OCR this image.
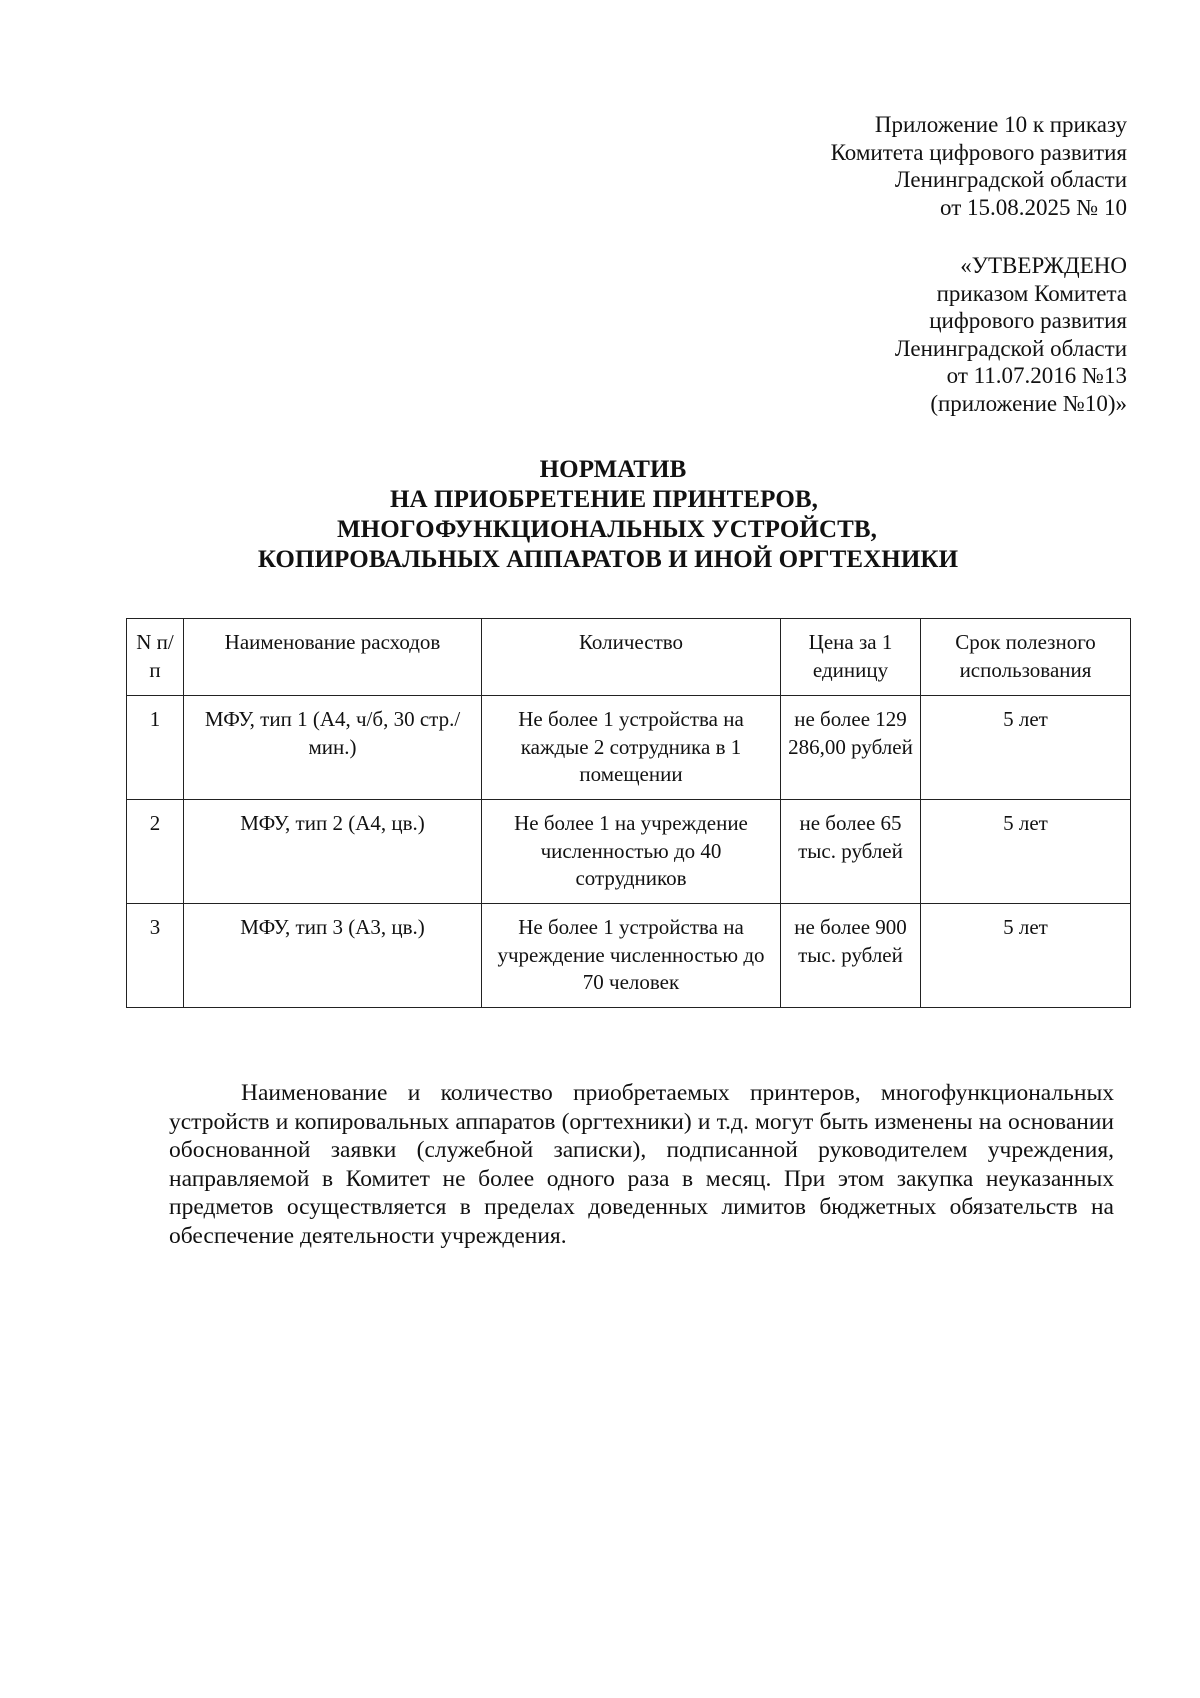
Приложение 10 к приказу
Комитета цифрового развития
Ленинградской области
от 15.08.2025 № 10
«УТВЕРЖДЕНО
приказом Комитета
цифрового развития
Ленинградской области
от 11.07.2016 №13
(приложение №10)»
НОРМАТИВ
НА ПРИОБРЕТЕНИЕ ПРИНТЕРОВ,
МНОГОФУНКЦИОНАЛЬНЫХ УСТРОЙСТВ,
КОПИРОВАЛЬНЫХ АППАРАТОВ И ИНОЙ ОРГТЕХНИКИ
N п/п	Наименование расходов	Количество	Цена за 1 единицу	Срок полезного использования
1	МФУ, тип 1 (А4, ч/б, 30 стр./мин.)	Не более 1 устройства на каждые 2 сотрудника в 1 помещении	не более 129 286,00 рублей	5 лет
2	МФУ, тип 2 (А4, цв.)	Не более 1 на учреждение численностью до 40 сотрудников	не более 65 тыс. рублей	5 лет
3	МФУ, тип 3 (А3, цв.)	Не более 1 устройства на учреждение численностью до 70 человек	не более 900 тыс. рублей	5 лет
Наименование и количество приобретаемых принтеров, многофункциональных устройств и копировальных аппаратов (оргтехники) и т.д. могут быть изменены на основании обоснованной заявки (служебной записки), подписанной руководителем учреждения, направляемой в Комитет не более одного раза в месяц. При этом закупка неуказанных предметов осуществляется в пределах доведенных лимитов бюджетных обязательств на обеспечение деятельности учреждения.
